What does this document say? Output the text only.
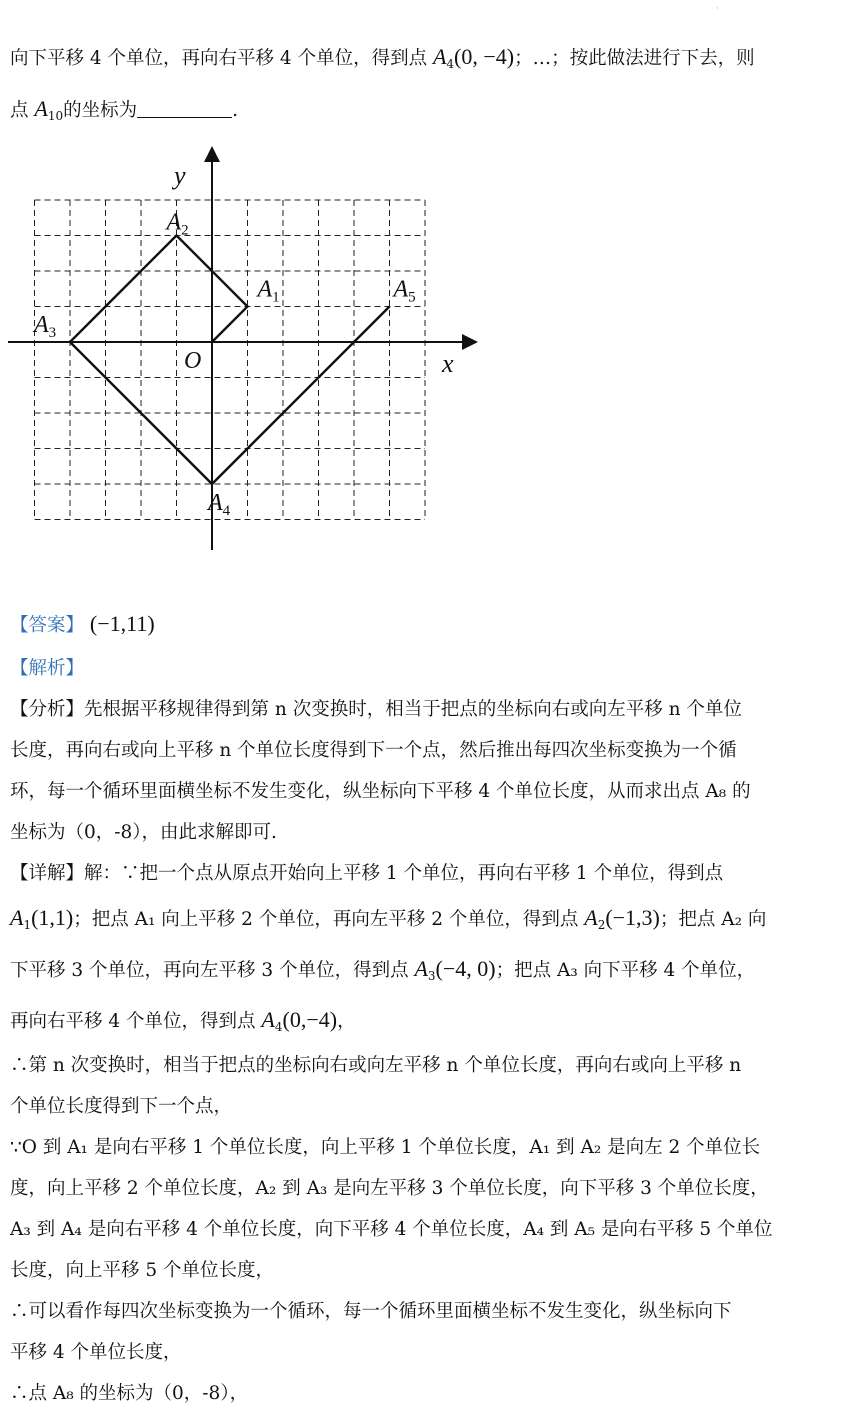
·
向下平移 4 个单位，再向右平移 4 个单位，得到点 $A_4(0$, −4)；…；按此做法进行下去，则
点 $A_{10}$的坐标为	.
x
y
O
$A_1$
$A_2$
$A_3$
$A_4$
$A_5$
【答案】 (−1,11)
【解析】
【分析】先根据平移规律得到第 n 次变换时，相当于把点的坐标向右或向左平移 n 个单位
长度，再向右或向上平移 n 个单位长度得到下一个点，然后推出每四次坐标变换为一个循
环，每一个循环里面横坐标不发生变化，纵坐标向下平移 4 个单位长度，从而求出点 A₈ 的
坐标为（0，-8），由此求解即可.
【详解】解：∵把一个点从原点开始向上平移 1 个单位，再向右平移 1 个单位，得到点
$A_1(1,1)$；把点 A₁ 向上平移 2 个单位，再向左平移 2 个单位，得到点 $A_2(-1,3)$；把点 A₂ 向
下平移 3 个单位，再向左平移 3 个单位，得到点 $A_3(-4$, 0)；把点 A₃ 向下平移 4 个单位，
再向右平移 4 个单位，得到点 $A_4(0,-4)$，
∴第 n 次变换时，相当于把点的坐标向右或向左平移 n 个单位长度，再向右或向上平移 n
个单位长度得到下一个点，
∵O 到 A₁ 是向右平移 1 个单位长度，向上平移 1 个单位长度，A₁ 到 A₂ 是向左 2 个单位长
度，向上平移 2 个单位长度，A₂ 到 A₃ 是向左平移 3 个单位长度，向下平移 3 个单位长度，
A₃ 到 A₄ 是向右平移 4 个单位长度，向下平移 4 个单位长度，A₄ 到 A₅ 是向右平移 5 个单位
长度，向上平移 5 个单位长度，
∴可以看作每四次坐标变换为一个循环，每一个循环里面横坐标不发生变化，纵坐标向下
平移 4 个单位长度，
∴点 A₈ 的坐标为（0，-8），
